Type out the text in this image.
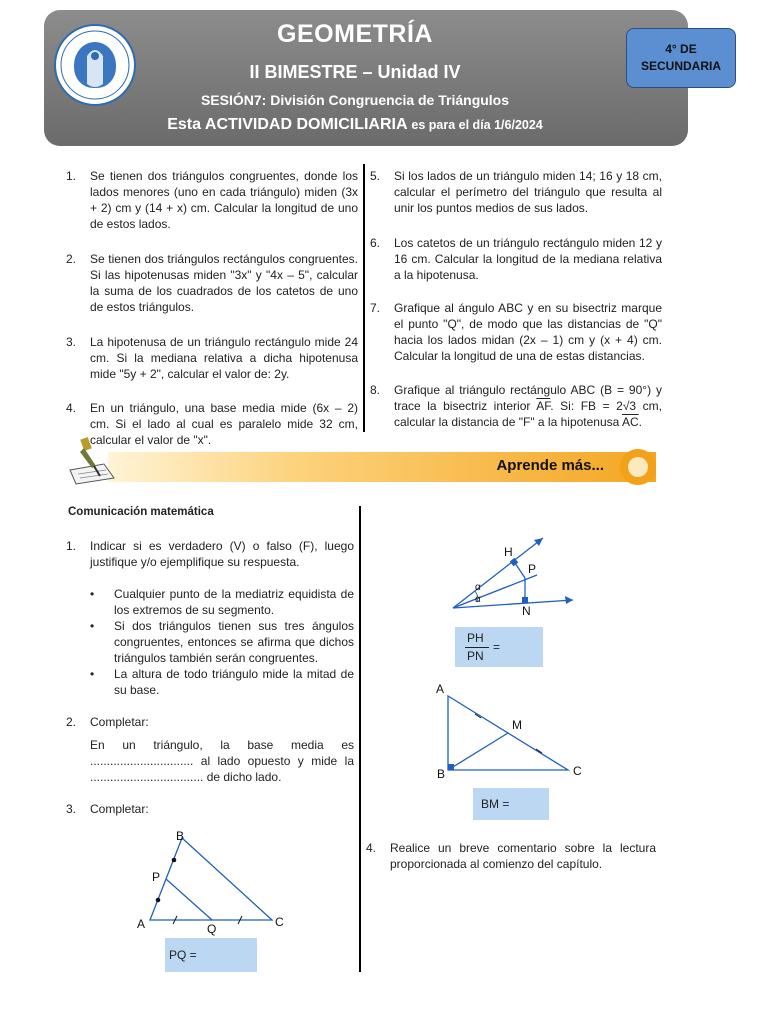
GEOMETRÍA
II BIMESTRE – Unidad IV
SESIÓN7: División Congruencia de Triángulos
Esta ACTIVIDAD DOMICILIARIA es para el día 1/6/2024
4° DE
SECUNDARIA
1. Se tienen dos triángulos congruentes, donde los lados menores (uno en cada triángulo) miden (3x + 2) cm y (14 + x) cm. Calcular la longitud de uno de estos lados.
2. Se tienen dos triángulos rectángulos congruentes. Si las hipotenusas miden "3x" y "4x – 5", calcular la suma de los cuadrados de los catetos de uno de estos triángulos.
3. La hipotenusa de un triángulo rectángulo mide 24 cm. Si la mediana relativa a dicha hipotenusa mide "5y + 2", calcular el valor de: 2y.
4. En un triángulo, una base media mide (6x – 2) cm. Si el lado al cual es paralelo mide 32 cm, calcular el valor de "x".
5. Si los lados de un triángulo miden 14; 16 y 18 cm, calcular el perímetro del triángulo que resulta al unir los puntos medios de sus lados.
6. Los catetos de un triángulo rectángulo miden 12 y 16 cm. Calcular la longitud de la mediana relativa a la hipotenusa.
7. Grafique al ángulo ABC y en su bisectriz marque el punto "Q", de modo que las distancias de "Q" hacia los lados midan (2x – 1) cm y (x + 4) cm. Calcular la longitud de una de estas distancias.
8. Grafique al triángulo rectángulo ABC (B = 90°) y trace la bisectriz interior $\overline{AF}$. Si: FB = 2√3 cm, calcular la distancia de "F" a la hipotenusa $\overline{AC}$.
Aprende más...
Comunicación matemática
1. Indicar si es verdadero (V) o falso (F), luego justifique y/o ejemplifique su respuesta.
• Cualquier punto de la mediatriz equidista de los extremos de su segmento.
• Si dos triángulos tienen sus tres ángulos congruentes, entonces se afirma que dichos triángulos también serán congruentes.
• La altura de todo triángulo mide la mitad de su base.
2. Completar:
En un triángulo, la base media es ............................... al lado opuesto y mide la .................................. de dicho lado.
3. Completar:
B
P
A	Q	C
PQ =
H
P
N
α
α
PH
PN
=
A
M
B	C
BM =
4. Realice un breve comentario sobre la lectura proporcionada al comienzo del capítulo.
